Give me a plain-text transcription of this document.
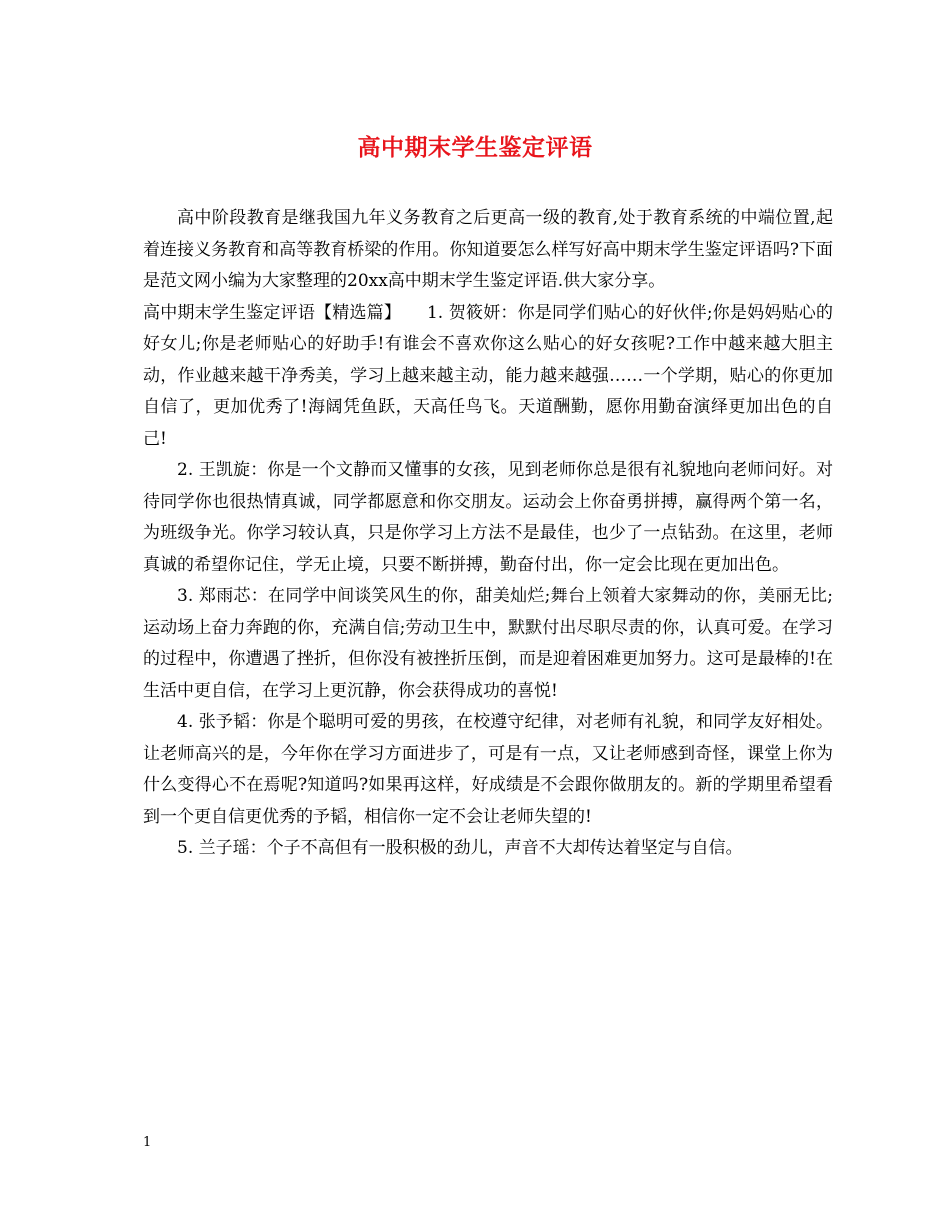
高中期末学生鉴定评语

高中阶段教育是继我国九年义务教育之后更高一级的教育,处于教育系统的中端位置,起着连接义务教育和高等教育桥梁的作用。你知道要怎么样写好高中期末学生鉴定评语吗?下面是范文网小编为大家整理的20xx高中期末学生鉴定评语.供大家分享。

高中期末学生鉴定评语【精选篇】　　1. 贺筱妍：你是同学们贴心的好伙伴;你是妈妈贴心的好女儿;你是老师贴心的好助手!有谁会不喜欢你这么贴心的好女孩呢?工作中越来越大胆主动，作业越来越干净秀美，学习上越来越主动，能力越来越强……一个学期，贴心的你更加自信了，更加优秀了!海阔凭鱼跃，天高任鸟飞。天道酬勤，愿你用勤奋演绎更加出色的自己!

2. 王凯旋：你是一个文静而又懂事的女孩，见到老师你总是很有礼貌地向老师问好。对待同学你也很热情真诚，同学都愿意和你交朋友。运动会上你奋勇拼搏，赢得两个第一名，为班级争光。你学习较认真，只是你学习上方法不是最佳，也少了一点钻劲。在这里，老师真诚的希望你记住，学无止境，只要不断拼搏，勤奋付出，你一定会比现在更加出色。

3. 郑雨芯：在同学中间谈笑风生的你，甜美灿烂;舞台上领着大家舞动的你，美丽无比;运动场上奋力奔跑的你，充满自信;劳动卫生中，默默付出尽职尽责的你，认真可爱。在学习的过程中，你遭遇了挫折，但你没有被挫折压倒，而是迎着困难更加努力。这可是最棒的!在生活中更自信，在学习上更沉静，你会获得成功的喜悦!

4. 张予韬：你是个聪明可爱的男孩，在校遵守纪律，对老师有礼貌，和同学友好相处。让老师高兴的是，今年你在学习方面进步了，可是有一点，又让老师感到奇怪，课堂上你为什么变得心不在焉呢?知道吗?如果再这样，好成绩是不会跟你做朋友的。新的学期里希望看到一个更自信更优秀的予韬，相信你一定不会让老师失望的!

5. 兰子瑶：个子不高但有一股积极的劲儿，声音不大却传达着坚定与自信。

1
